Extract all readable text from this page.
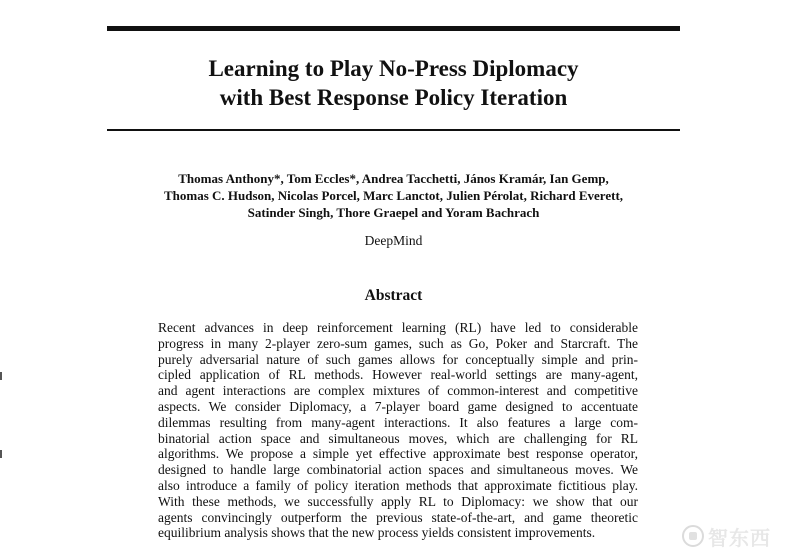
Learning to Play No-Press Diplomacy
with Best Response Policy Iteration
Thomas Anthony*, Tom Eccles*, Andrea Tacchetti, János Kramár, Ian Gemp,
Thomas C. Hudson, Nicolas Porcel, Marc Lanctot, Julien Pérolat, Richard Everett,
Satinder Singh, Thore Graepel and Yoram Bachrach
DeepMind
Abstract
Recent advances in deep reinforcement learning (RL) have led to considerable
progress in many 2-player zero-sum games, such as Go, Poker and Starcraft. The
purely adversarial nature of such games allows for conceptually simple and prin-
cipled application of RL methods. However real-world settings are many-agent,
and agent interactions are complex mixtures of common-interest and competitive
aspects. We consider Diplomacy, a 7-player board game designed to accentuate
dilemmas resulting from many-agent interactions. It also features a large com-
binatorial action space and simultaneous moves, which are challenging for RL
algorithms. We propose a simple yet effective approximate best response operator,
designed to handle large combinatorial action spaces and simultaneous moves. We
also introduce a family of policy iteration methods that approximate fictitious play.
With these methods, we successfully apply RL to Diplomacy: we show that our
agents convincingly outperform the previous state-of-the-art, and game theoretic
equilibrium analysis shows that the new process yields consistent improvements.	智东西
